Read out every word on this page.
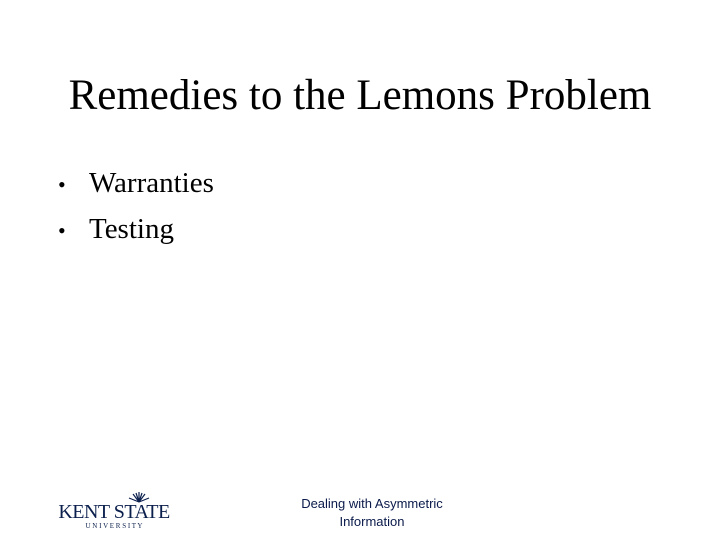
Remedies to the Lemons Problem
• Warranties
• Testing
KENT STATE
U N I V E R S I T Y
Dealing with Asymmetric
Information
